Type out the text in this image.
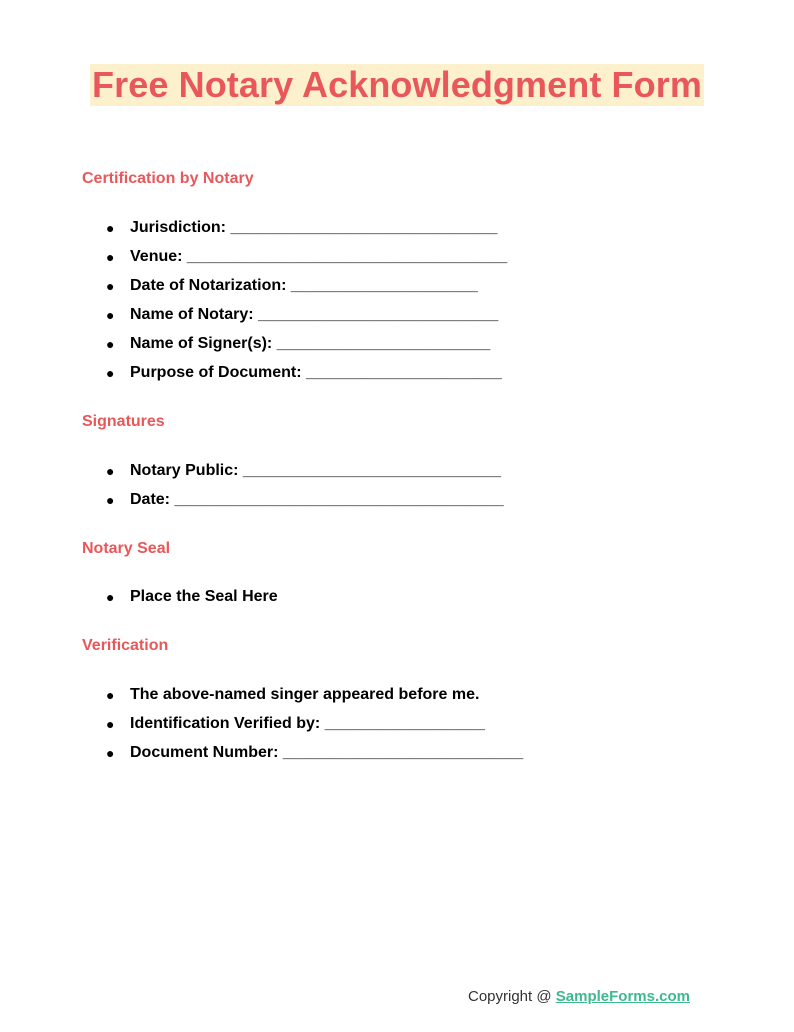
Free Notary Acknowledgment Form
Certification by Notary
● Jurisdiction: ______________________________
● Venue: ____________________________________
● Date of Notarization: _____________________
● Name of Notary: ___________________________
● Name of Signer(s): ________________________
● Purpose of Document: ______________________
Signatures
● Notary Public: _____________________________
● Date: _____________________________________
Notary Seal
● Place the Seal Here
Verification
● The above-named singer appeared before me.
● Identification Verified by: __________________
● Document Number: ___________________________
Copyright @ SampleForms.com
